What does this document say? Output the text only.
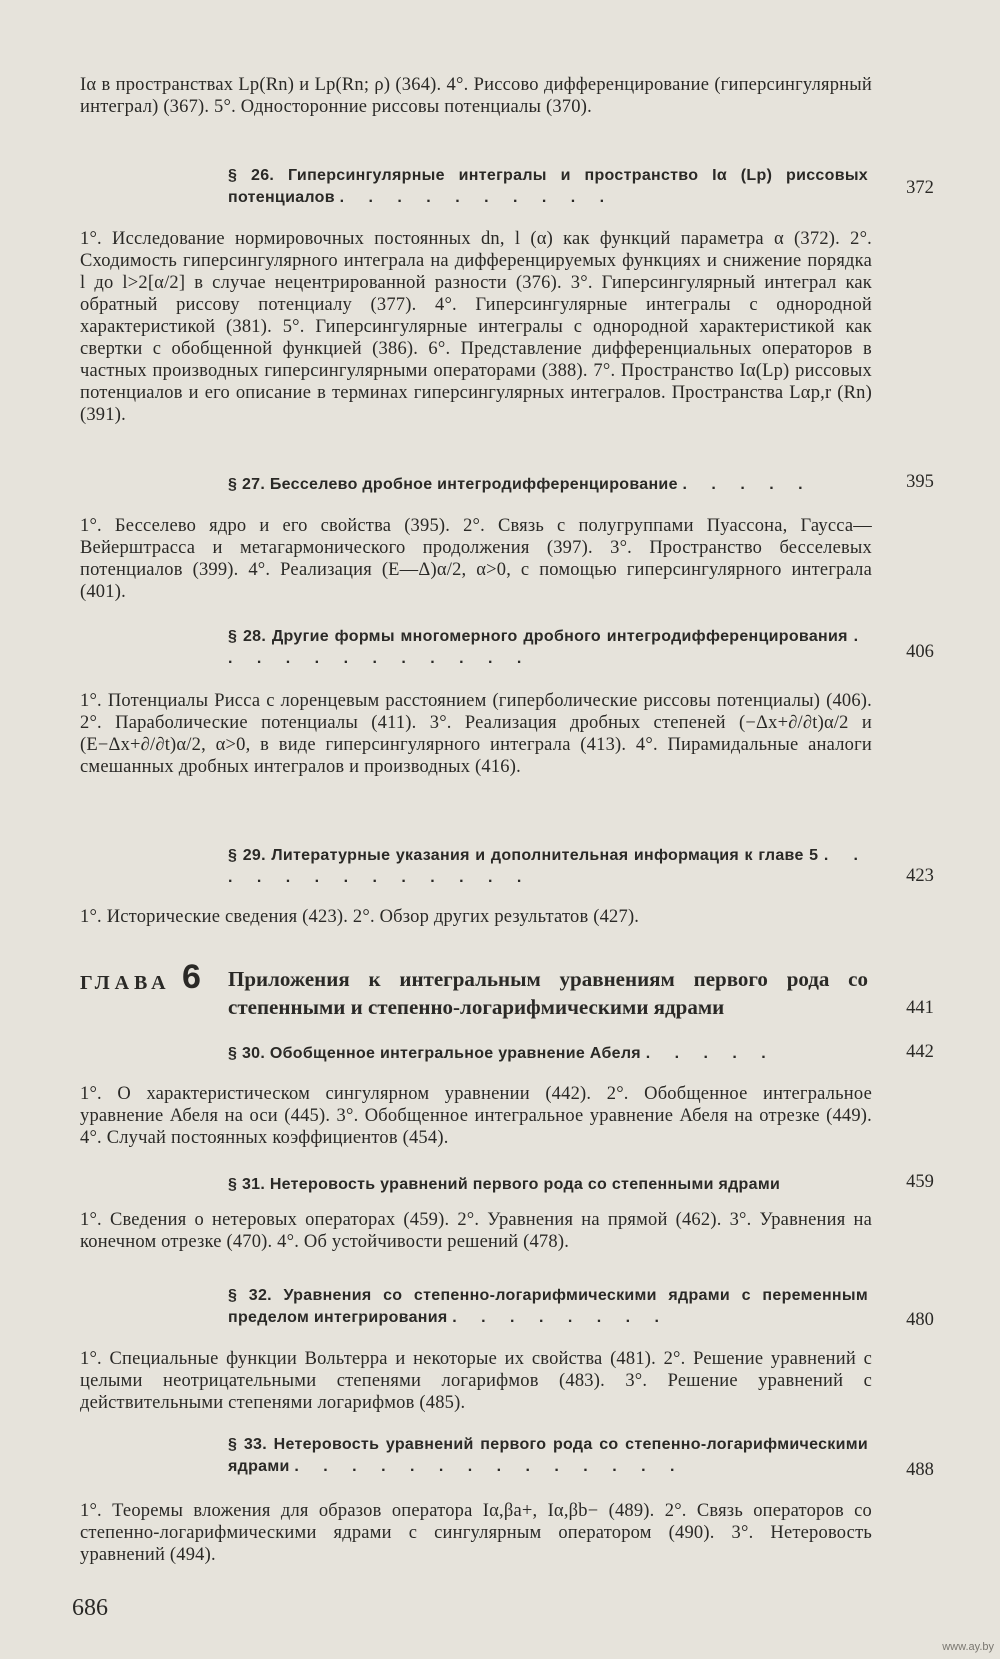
Iα в пространствах Lp(Rn) и Lp(Rn; ρ) (364). 4°. Риссово дифференцирование (гиперсингулярный интеграл) (367). 5°. Односторонние риссовы потенциалы (370).
§ 26. Гиперсингулярные интегралы и пространство Iα (Lp) риссовых потенциалов . . . . . . . . . .	372
1°. Исследование нормировочных постоянных dn, l (α) как функций параметра α (372). 2°. Сходимость гиперсингулярного интеграла на дифференцируемых функциях и снижение порядка l до l>2[α/2] в случае нецентрированной разности (376). 3°. Гиперсингулярный интеграл как обратный риссову потенциалу (377). 4°. Гиперсингулярные интегралы с однородной характеристикой (381). 5°. Гиперсингулярные интегралы с однородной характеристикой как свертки с обобщенной функцией (386). 6°. Представление дифференциальных операторов в частных производных гиперсингулярными операторами (388). 7°. Пространство Iα(Lp) риссовых потенциалов и его описание в терминах гиперсингулярных интегралов. Пространства Lαp,r (Rn) (391).
§ 27. Бесселево дробное интегродифференцирование . . . . .	395
1°. Бесселево ядро и его свойства (395). 2°. Связь с полугруппами Пуассона, Гаусса—Вейерштрасса и метагармонического продолжения (397). 3°. Пространство бесселевых потенциалов (399). 4°. Реализация (E—Δ)α/2, α>0, с помощью гиперсингулярного интеграла (401).
§ 28. Другие формы многомерного дробного интегродифференцирования . . . . . . . . . . . .	406
1°. Потенциалы Рисса с лоренцевым расстоянием (гиперболические риссовы потенциалы) (406). 2°. Параболические потенциалы (411). 3°. Реализация дробных степеней (−Δx+∂/∂t)α/2 и (E−Δx+∂/∂t)α/2, α>0, в виде гиперсингулярного интеграла (413). 4°. Пирамидальные аналоги смешанных дробных интегралов и производных (416).
§ 29. Литературные указания и дополнительная информация к главе 5 . . . . . . . . . . . . .	423
1°. Исторические сведения (423). 2°. Обзор других результатов (427).
ГЛАВА 6 Приложения к интегральным уравнениям первого рода со степенными и степенно-логарифмическими ядрами	441
§ 30. Обобщенное интегральное уравнение Абеля . . . . .	442
1°. О характеристическом сингулярном уравнении (442). 2°. Обобщенное интегральное уравнение Абеля на оси (445). 3°. Обобщенное интегральное уравнение Абеля на отрезке (449). 4°. Случай постоянных коэффициентов (454).
§ 31. Нетеровость уравнений первого рода со степенными ядрами	459
1°. Сведения о нетеровых операторах (459). 2°. Уравнения на прямой (462). 3°. Уравнения на конечном отрезке (470). 4°. Об устойчивости решений (478).
§ 32. Уравнения со степенно-логарифмическими ядрами с переменным пределом интегрирования . . . . . . . .	480
1°. Специальные функции Вольтерра и некоторые их свойства (481). 2°. Решение уравнений с целыми неотрицательными степенями логарифмов (483). 3°. Решение уравнений с действительными степенями логарифмов (485).
§ 33. Нетеровость уравнений первого рода со степенно-логарифмическими ядрами . . . . . . . . . . . . . .	488
1°. Теоремы вложения для образов оператора Iα,βa+, Iα,βb− (489). 2°. Связь операторов со степенно-логарифмическими ядрами с сингулярным оператором (490). 3°. Нетеровость уравнений (494).
686
www.ay.by
